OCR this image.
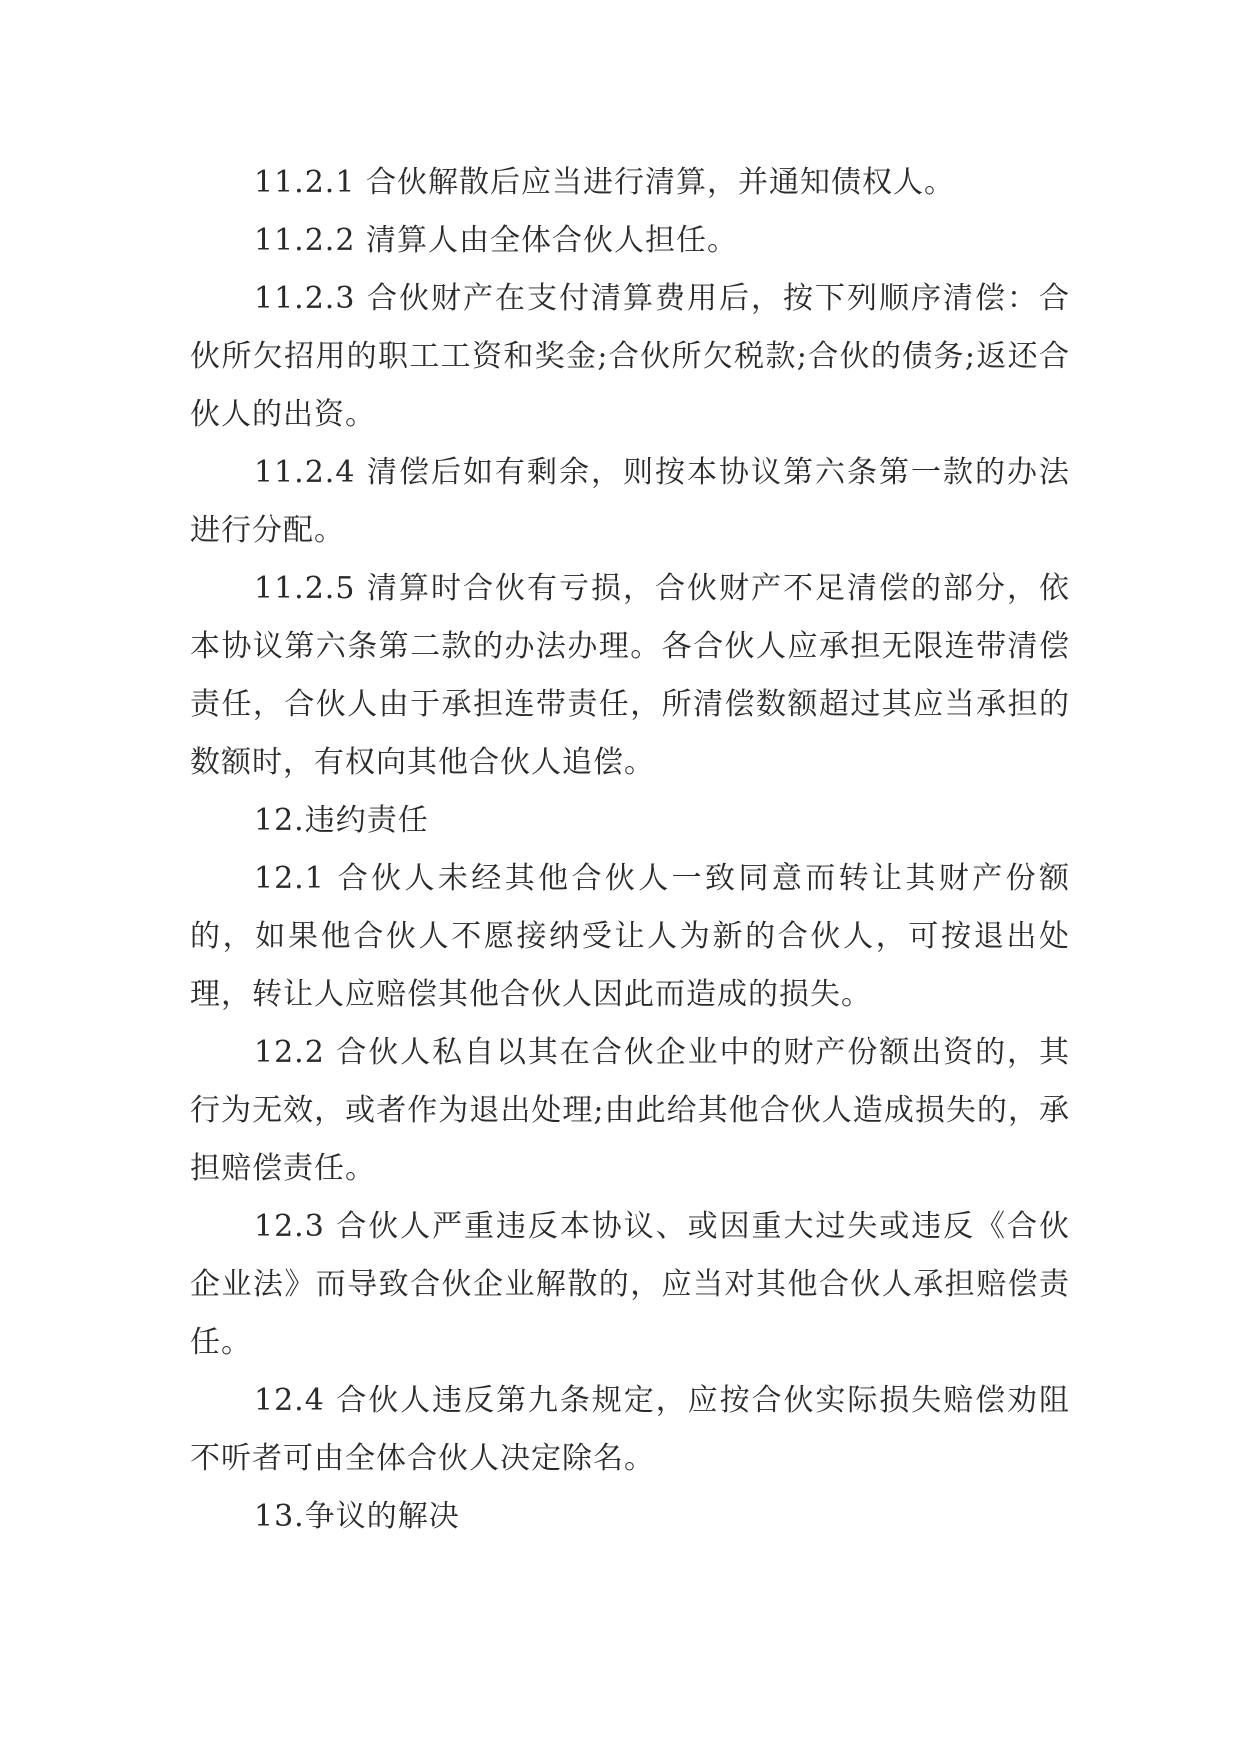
11.2.1 合伙解散后应当进行清算，并通知债权人。

11.2.2 清算人由全体合伙人担任。

11.2.3 合伙财产在支付清算费用后，按下列顺序清偿：合伙所欠招用的职工工资和奖金;合伙所欠税款;合伙的债务;返还合伙人的出资。

11.2.4 清偿后如有剩余，则按本协议第六条第一款的办法进行分配。

11.2.5 清算时合伙有亏损，合伙财产不足清偿的部分，依本协议第六条第二款的办法办理。各合伙人应承担无限连带清偿责任，合伙人由于承担连带责任，所清偿数额超过其应当承担的数额时，有权向其他合伙人追偿。

12.违约责任

12.1 合伙人未经其他合伙人一致同意而转让其财产份额的，如果他合伙人不愿接纳受让人为新的合伙人，可按退出处理，转让人应赔偿其他合伙人因此而造成的损失。

12.2 合伙人私自以其在合伙企业中的财产份额出资的，其行为无效，或者作为退出处理;由此给其他合伙人造成损失的，承担赔偿责任。

12.3 合伙人严重违反本协议、或因重大过失或违反《合伙企业法》而导致合伙企业解散的，应当对其他合伙人承担赔偿责任。

12.4 合伙人违反第九条规定，应按合伙实际损失赔偿劝阻不听者可由全体合伙人决定除名。

13.争议的解决
